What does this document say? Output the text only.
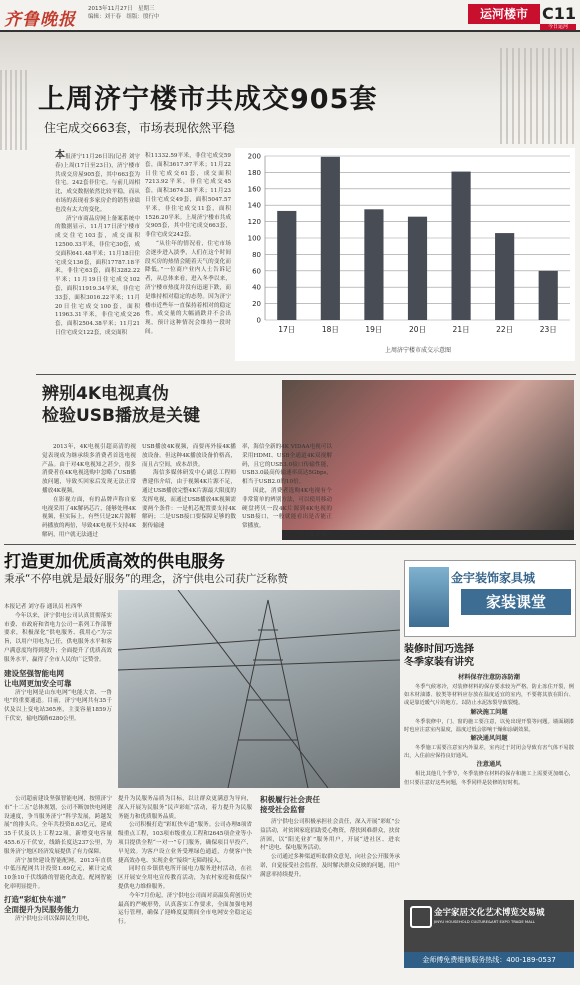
齐鲁晚报
2013年11月27日　星期三
编辑：刘干春　组版：殷行中	运河楼市 C11
今日运河
上周济宁楼市共成交905套
住宅成交663套，市场表现依然平稳

本报济宁11月26日讯(记者 刘守春)上周(17日至23日)，济宁楼市共成交房屋905套，其中663套为住宅。242套非住宅。与前几周相比，成交数据依然比较平稳，而从市场的表现看多家房企的销售业绩也没有太大的变化。

济宁市商品房网上备案系统中的数据显示，11月17日济宁楼市成交住宅103套，成交面积12500.33平米，非住宅30套，成交面积641.48平米；11月18日住宅成交136套，面积17787.18平米，非住宅63套，面积3282.22平米；11月19日住宅成交102套，面积11919.34平米，非住宅33套，面积3016.22平米；11月20日住宅成交100套，面积11963.31平米，非住宅成交26套，面积2504.38平米；11月21日住宅成交122套，成交面积

积11332.59平米，非住宅成交59套，面积3617.97平米；11月22日住宅成交61套，成交面积7213.92平米，非住宅成交45套，面积3674.38平米；11月23日住宅成交49套，面积5047.57平米，非住宅成交11套，面积1526.20平米。上周济宁楼市共成交905套，其中住宅成交663套，非住宅成交242套。

“从往年的情况看，住宅市场会逐步进入淡季，人们在这个时间段买房的热情会随着天气的变化而降低。”一位商户业内人士告诉记者，从总体来看，进入冬季以来，济宁楼市热度并没有迅速下跌，而是维持相对稳定的态势。因为济宁楼市近些年一直保持着相对的稳定性，成交量的大幅涌跌并不会出现，预计这种情况会维持一段时间。

0
20
40
60
80
100
120
140
160
180
200
17日	18日	19日	20日	21日	22日	23日
上周济宁楼市成交示意图
辨别4K电视真伪
检验USB播放是关键

2013年，4K电视引超高清的视觉表现成为继承续多消费者首选电视产品。由于对4K电视知之甚少，很多消费者在4K电视选购中忽略了USB播放问题，导致买回家后发现无法正常播放4K视频。

在影视方面，有的品牌声称自家电视采用了4K解码芯片，能够处理4K视频，但实际上，有些只是2K片源解码播放的两倍，导致4K电视不支持4K解码，用户就无法通过

USB播放4K视频，而要再外接4K播放设备。但这种4K播放设备价格高，而且占空间，成本昂贵。

海信多媒体研发中心副总工程师曹建伟介绍，由于视频4K片源不足，通过USB播放完整4K片源最大限度的发挥电视，而通过USB播放4K视频需要两个条件：一是机芯配置要支持4K解码；二是USB接口要保障足够的数据传输速

率，海信全新的4K VIDAA电视可以采用HDMI、USB全通道4K双视解码，且它的USB3.0接口传输性能，USB3.0最高传输速率高达5Gbps，相当于USB2.0的10倍。

因此，消费者选购4K电视有个非常简单的辨别方法，可以使用移动硬盘拷贝一段4K片源到4K电视的USB接口，一般就能看出是否能正常播放。

（张效良）

打造更加优质高效的供电服务
秉承“不停电就是最好服务”的理念，济宁供电公司获广泛称赞

本报记者 刘守春 通讯员 杜西华

今年以来，济宁供电公司认真贯彻落实市委、市政府和省电力公司一系列工作部署要求，积极深化“供电服务、我用心”为宗旨，以用户用电为己任，供电服务水平和客户满意度均得到提升；全面提升了优质高效服务水平，赢得了全市人民的广泛赞誉。

建设坚强智能电网
让电网更加安全可靠

济宁电网是山东电网“电能大省、一鲁电”的重要通道。目前，济宁电网共有35千伏及以上变电站365座，主变容量1859万千伏安，输电线路6280公里。

公司超前建设坚强智能电网，按照济宁市“十二五”总体规划，公司不断加快电网建设速度，争当服务济宁“科学发展，跨越发展”的排头兵。全年共投资8.63亿元，建成35千伏及以上工程22项，新增变电容量455.6万千伏安，线路长度达237公里，为服务济宁地区经济发展提供了有力保障。

济宁加快建设智能配网，2013年直供中低压配网共计投资1.69亿元，累计完成10条10千伏线路的智能化改造，配网智能化率明显提升。

打造“彩虹快车道”
全面提升为民服务能力

济宁供电公司以保障民生用电，

提升为民服务品质为目标，以让群众更满意为导向，深入开展为民服务“民声彩虹”活动，着力提升为民服务能力和优质服务品质。

公司积极打造“彩虹快车道”服务。公司办理8项省级重点工程，103项市级重点工程和2645项企业等小项目提供全程“一对一”专门服务，确保项目早投产、早见效。为客户设立业务受理绿色通道，方便客户快捷高效办电、实现企业“接续”无障碍接入。

同时在乡镇供电所开展电力服务进村活动，在社区开展安全用电宣传教育活动，为农村家庭和低保户提供电力维修服务。

今年7月份起，济宁供电公司面对高温负荷创历史最高的严峻形势，认真落实工作要求，全面加强电网运行管理，确保了迎峰度夏期间全市电网安全稳定运行。

积极履行社会责任
接受社会监督

济宁供电公司积极承担社会责任，深入开展“彩虹”公益活动，对贫困家庭捐助爱心物资，帮扶困难群众，扶贫济困，以“阳光业扩”服务用户，开展“进社区、进农村”送电、保电服务活动。

公司通过多种渠道听取群众意见，向社会公开服务承诺，自觉接受社会监督，及时解决群众反映的问题，用户满意率持续提升。

金宇装饰家具城
家装课堂
装修时间巧选择
冬季家装有讲究
材料保存注意防冻防潮

冬季气候寒冷，对装修材料的保存要求较为严格。防止冻住开裂，例如木材油漆、胶类等材料应存放在温度适宜的室内，不要将其放在阳台、或是靠近暖气片的地方。以防止水泥冻裂导致裂缝。

解决施工问题

冬季装修中，门、窗的施工要注意，以免出现开裂等问题。墙面刷漆时也应注意室内温度，温度过低会影响干燥和涂刷效果。

解决通风问题

冬季施工需要注意室内外温差，室内过于封闭会导致有害气体不易散出，入住前应保持良好通风。

注意通风

相比其他几个季节，冬季装修在材料的保存和施工上需要更加细心，但只要注意好这些问题，冬季同样是装修的好时机。

金宇家居文化艺术博览交易城
JINYU HOUSEHOLD CULTURE&ART EXPO TRADE MALL
金师傅免费维修服务热线：400-189-0537
